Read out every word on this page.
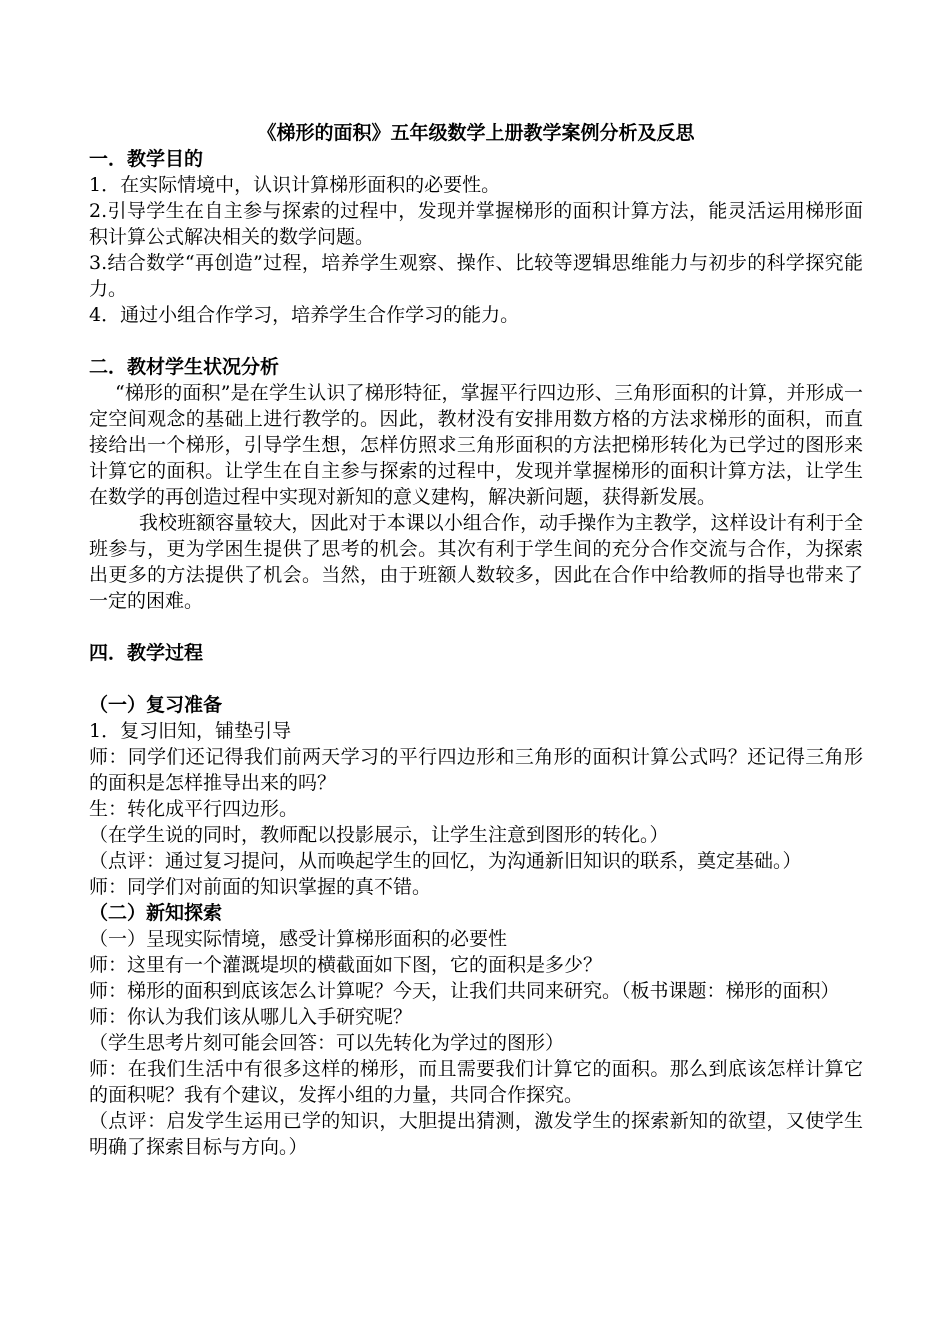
《梯形的面积》五年级数学上册教学案例分析及反思
一．教学目的

1．在实际情境中，认识计算梯形面积的必要性。

2.引导学生在自主参与探索的过程中，发现并掌握梯形的面积计算方法，能灵活运用梯形面积计算公式解决相关的数学问题。

3.结合数学“再创造”过程，培养学生观察、操作、比较等逻辑思维能力与初步的科学探究能力。

4．通过小组合作学习，培养学生合作学习的能力。

二．教材学生状况分析

“梯形的面积”是在学生认识了梯形特征，掌握平行四边形、三角形面积的计算，并形成一定空间观念的基础上进行教学的。因此，教材没有安排用数方格的方法求梯形的面积，而直接给出一个梯形，引导学生想，怎样仿照求三角形面积的方法把梯形转化为已学过的图形来计算它的面积。让学生在自主参与探索的过程中，发现并掌握梯形的面积计算方法，让学生在数学的再创造过程中实现对新知的意义建构，解决新问题，获得新发展。

我校班额容量较大，因此对于本课以小组合作，动手操作为主教学，这样设计有利于全班参与，更为学困生提供了思考的机会。其次有利于学生间的充分合作交流与合作，为探索出更多的方法提供了机会。当然，由于班额人数较多，因此在合作中给教师的指导也带来了一定的困难。

四．教学过程
（一）复习准备

1．复习旧知，铺垫引导

师：同学们还记得我们前两天学习的平行四边形和三角形的面积计算公式吗？还记得三角形的面积是怎样推导出来的吗？

生：转化成平行四边形。

（在学生说的同时，教师配以投影展示，让学生注意到图形的转化。）

（点评：通过复习提问，从而唤起学生的回忆，为沟通新旧知识的联系，奠定基础。）

师：同学们对前面的知识掌握的真不错。

（二）新知探索

（一）呈现实际情境，感受计算梯形面积的必要性

师：这里有一个灌溉堤坝的横截面如下图，它的面积是多少？

师：梯形的面积到底该怎么计算呢？今天，让我们共同来研究。（板书课题：梯形的面积）

师：你认为我们该从哪儿入手研究呢？

（学生思考片刻可能会回答：可以先转化为学过的图形）

师：在我们生活中有很多这样的梯形，而且需要我们计算它的面积。那么到底该怎样计算它的面积呢？我有个建议，发挥小组的力量，共同合作探究。

（点评：启发学生运用已学的知识，大胆提出猜测，激发学生的探索新知的欲望，又使学生明确了探索目标与方向。）
